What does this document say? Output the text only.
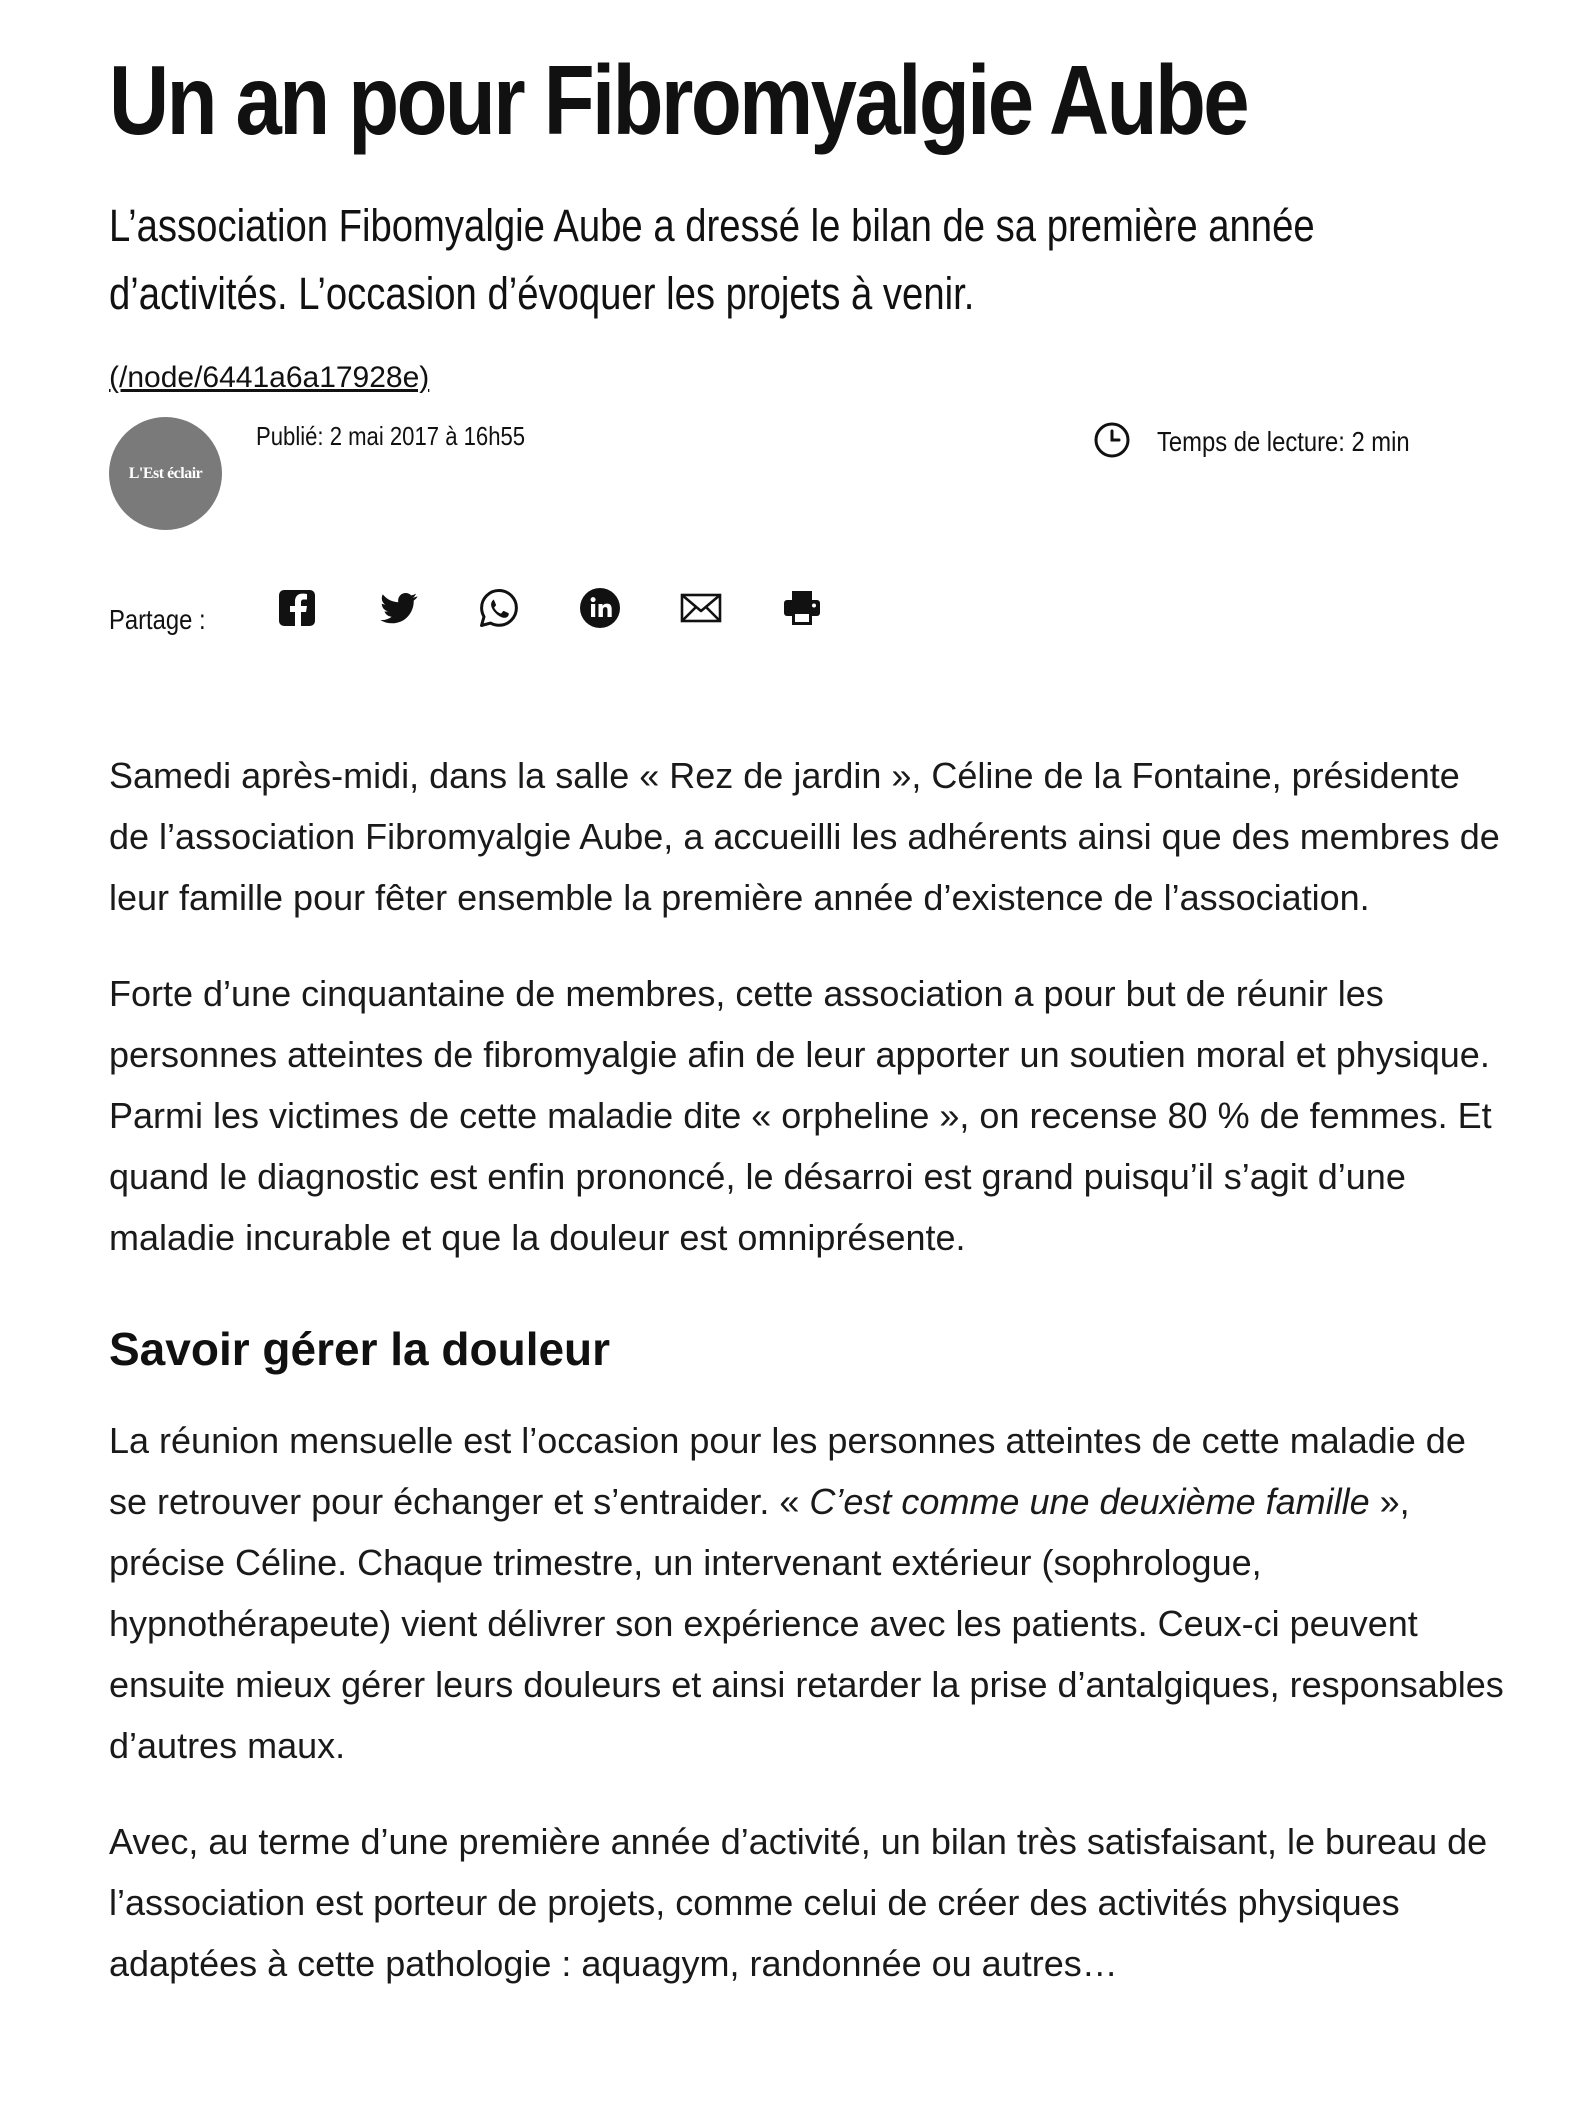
Un an pour Fibromyalgie Aube
L’association Fibomyalgie Aube a dressé le bilan de sa première année d’activités. L’occasion d’évoquer les projets à venir.
(/node/6441a6a17928e)
L'Est éclair
Publié: 2 mai 2017 à 16h55	Temps de lecture: 2 min
Partage :

Samedi après-midi, dans la salle « Rez de jardin », Céline de la Fontaine, présidente de l’association Fibromyalgie Aube, a accueilli les adhérents ainsi que des membres de leur famille pour fêter ensemble la première année d’existence de l’association.

Forte d’une cinquantaine de membres, cette association a pour but de réunir les personnes atteintes de fibromyalgie afin de leur apporter un soutien moral et physique. Parmi les victimes de cette maladie dite « orpheline », on recense 80 % de femmes. Et quand le diagnostic est enfin prononcé, le désarroi est grand puisqu’il s’agit d’une maladie incurable et que la douleur est omniprésente.

Savoir gérer la douleur

La réunion mensuelle est l’occasion pour les personnes atteintes de cette maladie de se retrouver pour échanger et s’entraider. « C’est comme une deuxième famille », précise Céline. Chaque trimestre, un intervenant extérieur (sophrologue, hypnothérapeute) vient délivrer son expérience avec les patients. Ceux-ci peuvent ensuite mieux gérer leurs douleurs et ainsi retarder la prise d’antalgiques, responsables d’autres maux.

Avec, au terme d’une première année d’activité, un bilan très satisfaisant, le bureau de l’association est porteur de projets, comme celui de créer des activités physiques adaptées à cette pathologie : aquagym, randonnée ou autres…
